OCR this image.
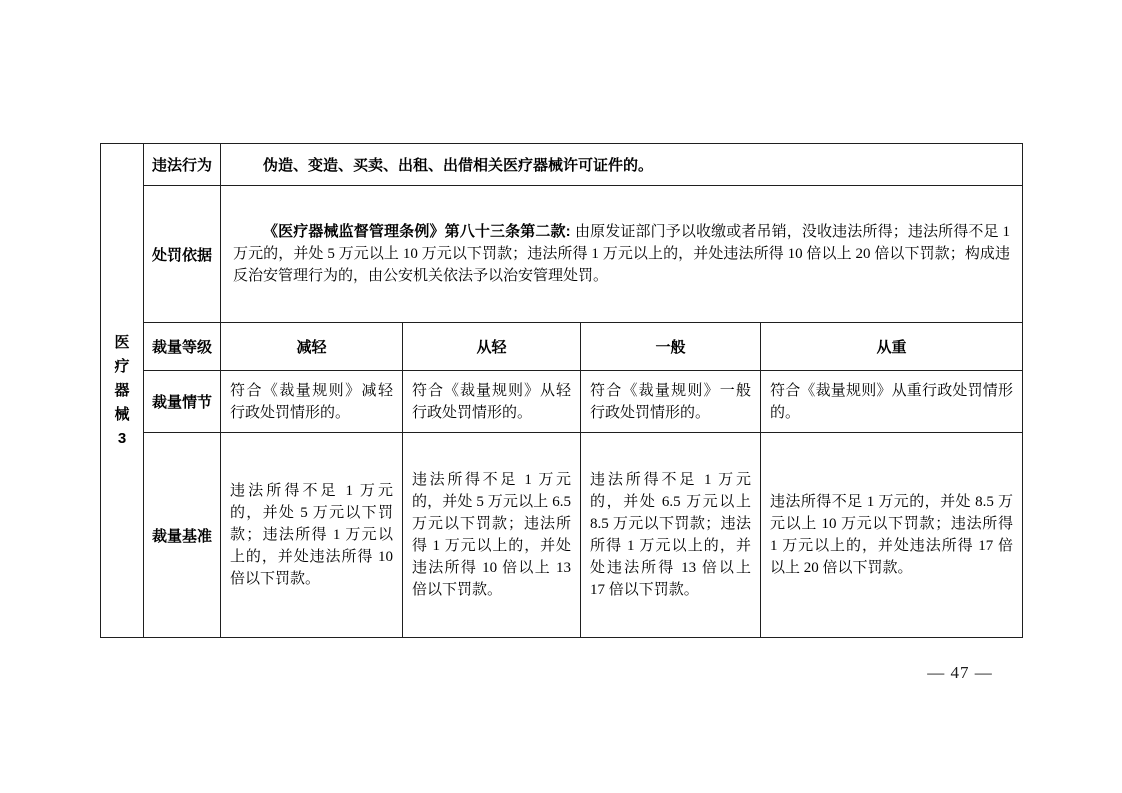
医疗器械3	违法行为	伪造、变造、买卖、出租、出借相关医疗器械许可证件的。			
	处罚依据	《医疗器械监督管理条例》第八十三条第二款: 由原发证部门予以收缴或者吊销，没收违法所得；违法所得不足 1 万元的，并处 5 万元以上 10 万元以下罚款；违法所得 1 万元以上的，并处违法所得 10 倍以上 20 倍以下罚款；构成违反治安管理行为的，由公安机关依法予以治安管理处罚。			
	裁量等级	减轻	从轻	一般	从重
	裁量情节	符合《裁量规则》减轻行政处罚情形的。	符合《裁量规则》从轻行政处罚情形的。	符合《裁量规则》一般行政处罚情形的。	符合《裁量规则》从重行政处罚情形的。
	裁量基准	违法所得不足 1 万元的，并处 5 万元以下罚款；违法所得 1 万元以上的，并处违法所得 10 倍以下罚款。	违法所得不足 1 万元的，并处 5 万元以上 6.5 万元以下罚款；违法所得 1 万元以上的，并处违法所得 10 倍以上 13 倍以下罚款。	违法所得不足 1 万元的，并处 6.5 万元以上 8.5 万元以下罚款；违法所得 1 万元以上的，并处违法所得 13 倍以上 17 倍以下罚款。	违法所得不足 1 万元的，并处 8.5 万元以上 10 万元以下罚款；违法所得 1 万元以上的，并处违法所得 17 倍以上 20 倍以下罚款。
— 47 —
